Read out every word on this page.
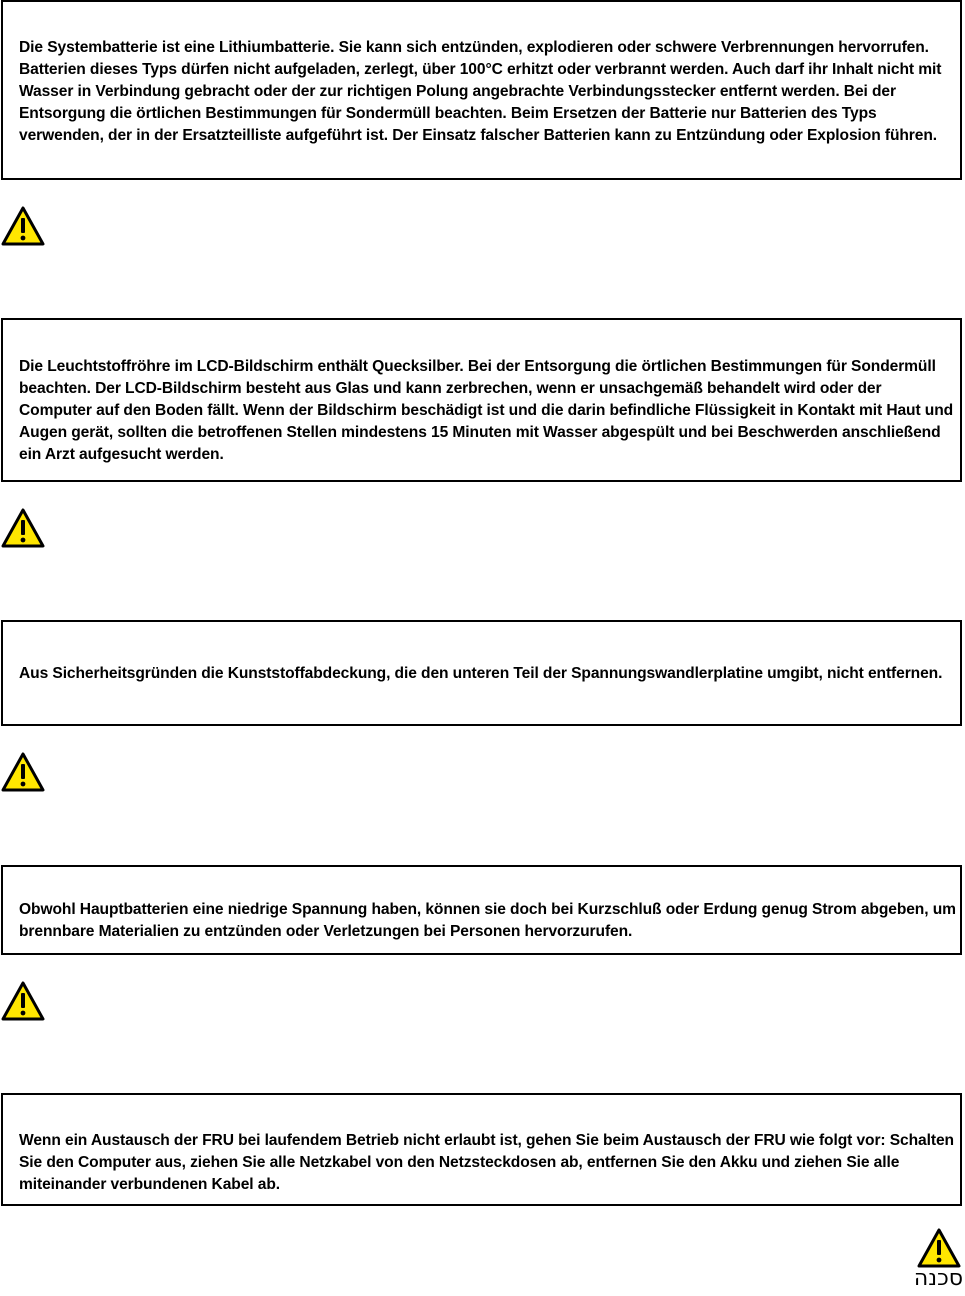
Die Systembatterie ist eine Lithiumbatterie. Sie kann sich entzünden, explodieren oder schwere Verbrennungen hervorrufen. Batterien dieses Typs dürfen nicht aufgeladen, zerlegt, über 100°C erhitzt oder verbrannt werden. Auch darf ihr Inhalt nicht mit Wasser in Verbindung gebracht oder der zur richtigen Polung angebrachte Verbindungsstecker entfernt werden. Bei der Entsorgung die örtlichen Bestimmungen für Sondermüll beachten. Beim Ersetzen der Batterie nur Batterien des Typs verwenden, der in der Ersatzteilliste aufgeführt ist. Der Einsatz falscher Batterien kann zu Entzündung oder Explosion führen.

Die Leuchtstoffröhre im LCD-Bildschirm enthält Quecksilber. Bei der Entsorgung die örtlichen Bestimmungen für Sondermüll beachten. Der LCD-Bildschirm besteht aus Glas und kann zerbrechen, wenn er unsachgemäß behandelt wird oder der Computer auf den Boden fällt. Wenn der Bildschirm beschädigt ist und die darin befindliche Flüssigkeit in Kontakt mit Haut und Augen gerät, sollten die betroffenen Stellen mindestens 15 Minuten mit Wasser abgespült und bei Beschwerden anschließend ein Arzt aufgesucht werden.

Aus Sicherheitsgründen die Kunststoffabdeckung, die den unteren Teil der Spannungswandlerplatine umgibt, nicht entfernen.

Obwohl Hauptbatterien eine niedrige Spannung haben, können sie doch bei Kurzschluß oder Erdung genug Strom abgeben, um brennbare Materialien zu entzünden oder Verletzungen bei Personen hervorzurufen.

Wenn ein Austausch der FRU bei laufendem Betrieb nicht erlaubt ist, gehen Sie beim Austausch der FRU wie folgt vor: Schalten Sie den Computer aus, ziehen Sie alle Netzkabel von den Netzsteckdosen ab, entfernen Sie den Akku und ziehen Sie alle miteinander verbundenen Kabel ab.

סכנה
